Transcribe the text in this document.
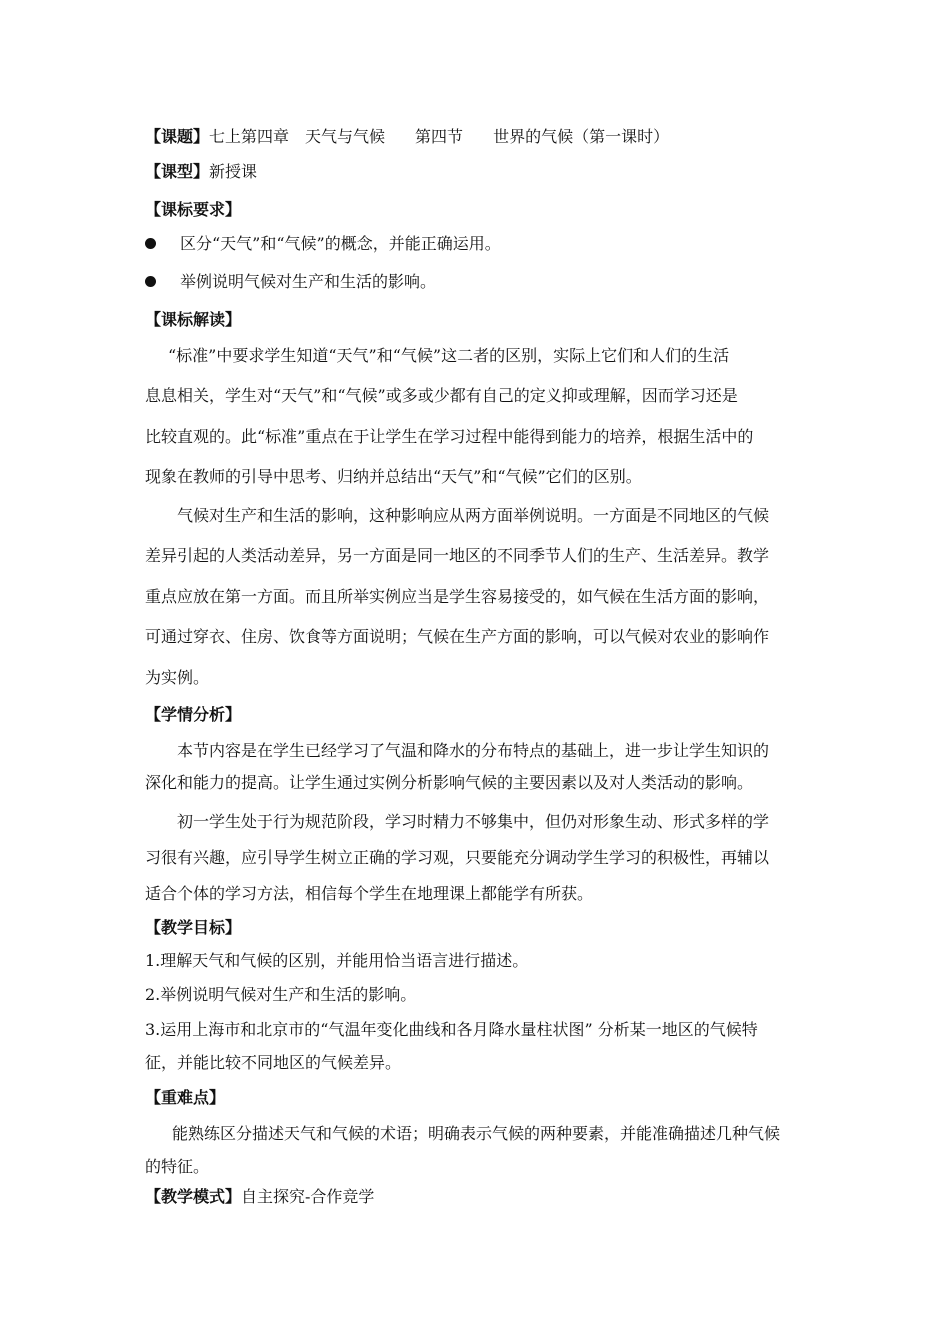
【课题】七上第四章 天气与气候 第四节 世界的气候（第一课时）
【课型】新授课
【课标要求】
区分“天气”和“气候”的概念，并能正确运用。
举例说明气候对生产和生活的影响。
【课标解读】
“标准”中要求学生知道“天气”和“气候”这二者的区别，实际上它们和人们的生活
息息相关，学生对“天气”和“气候”或多或少都有自己的定义抑或理解，因而学习还是
比较直观的。此“标准”重点在于让学生在学习过程中能得到能力的培养，根据生活中的
现象在教师的引导中思考、归纳并总结出“天气”和“气候”它们的区别。
气候对生产和生活的影响，这种影响应从两方面举例说明。一方面是不同地区的气候
差异引起的人类活动差异，另一方面是同一地区的不同季节人们的生产、生活差异。教学
重点应放在第一方面。而且所举实例应当是学生容易接受的，如气候在生活方面的影响，
可通过穿衣、住房、饮食等方面说明；气候在生产方面的影响，可以气候对农业的影响作
为实例。
【学情分析】
本节内容是在学生已经学习了气温和降水的分布特点的基础上，进一步让学生知识的
深化和能力的提高。让学生通过实例分析影响气候的主要因素以及对人类活动的影响。
初一学生处于行为规范阶段，学习时精力不够集中，但仍对形象生动、形式多样的学
习很有兴趣，应引导学生树立正确的学习观，只要能充分调动学生学习的积极性，再辅以
适合个体的学习方法，相信每个学生在地理课上都能学有所获。
【教学目标】
1.理解天气和气候的区别，并能用恰当语言进行描述。
2.举例说明气候对生产和生活的影响。
3.运用上海市和北京市的“气温年变化曲线和各月降水量柱状图” 分析某一地区的气候特
征，并能比较不同地区的气候差异。
【重难点】
能熟练区分描述天气和气候的术语；明确表示气候的两种要素，并能准确描述几种气候
的特征。
【教学模式】自主探究-合作竞学
